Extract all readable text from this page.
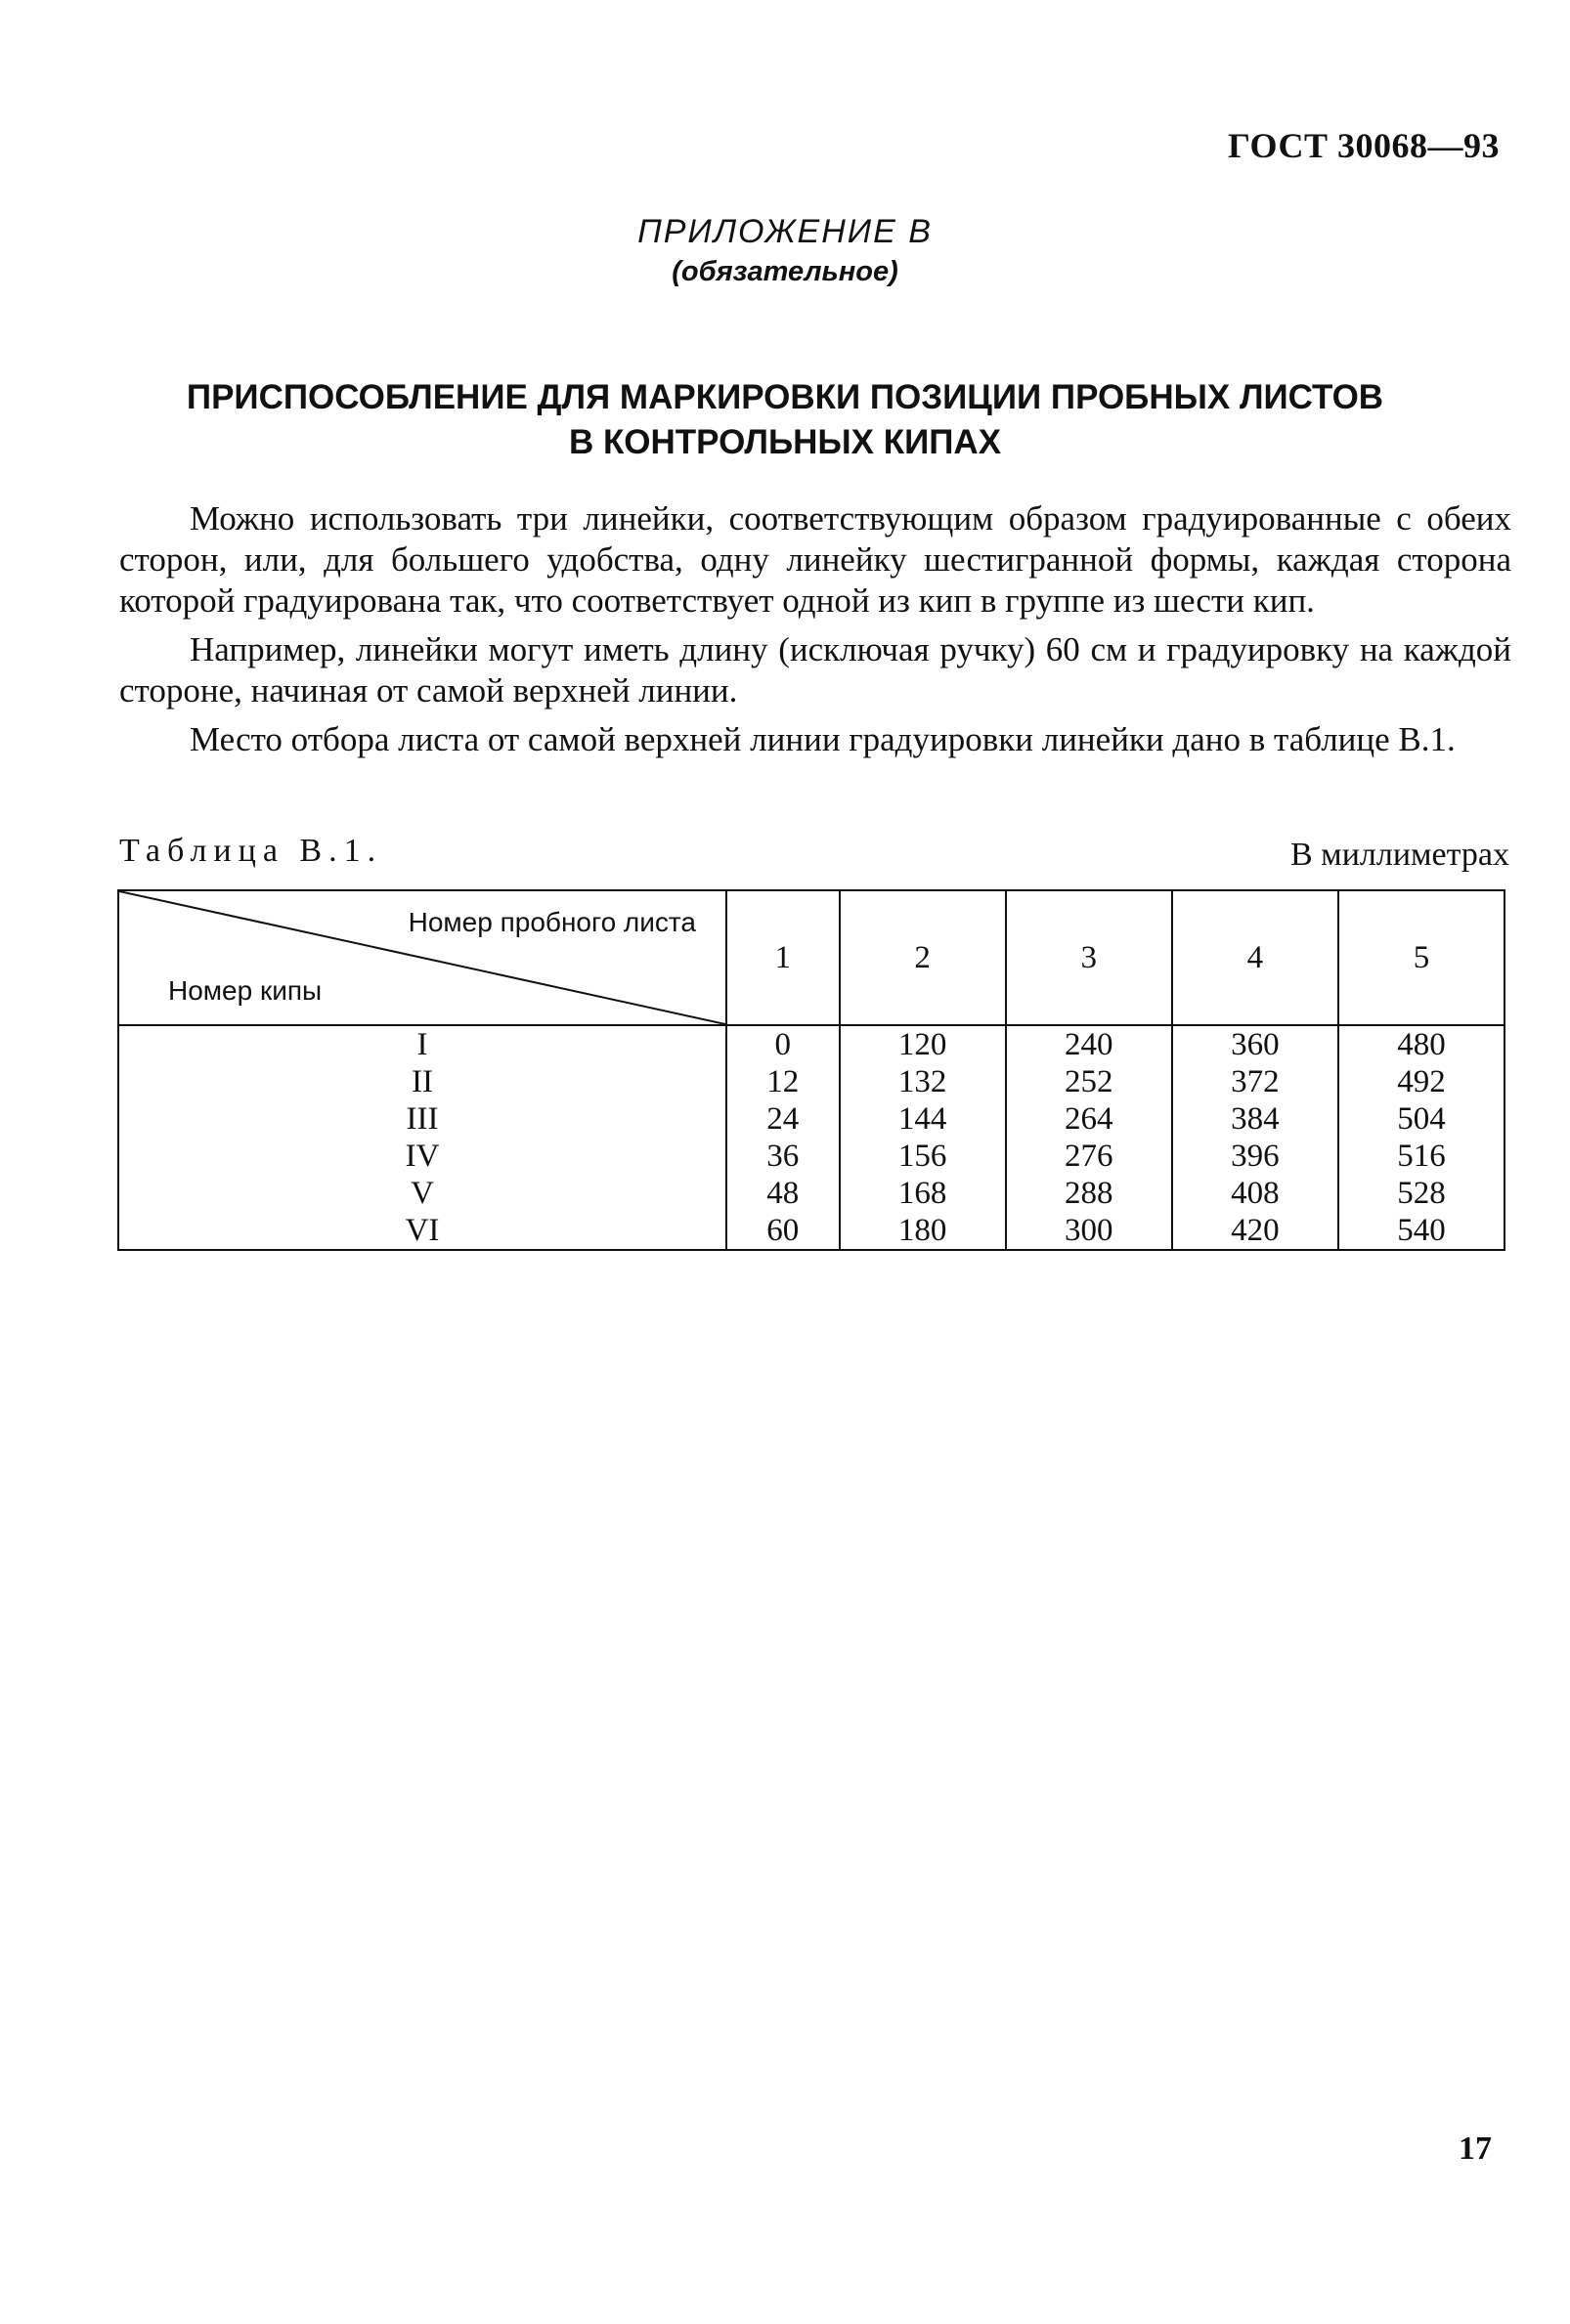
ГОСТ 30068—93
ПРИЛОЖЕНИЕ В
(обязательное)
ПРИСПОСОБЛЕНИЕ ДЛЯ МАРКИРОВКИ ПОЗИЦИИ ПРОБНЫХ ЛИСТОВ
В КОНТРОЛЬНЫХ КИПАХ

Можно использовать три линейки, соответствующим образом градуированные с обеих сторон, или, для большего удобства, одну линейку шестигранной формы, каждая сторона которой градуирована так, что соответствует одной из кип в группе из шести кип.

Например, линейки могут иметь длину (исключая ручку) 60 см и градуировку на каждой стороне, начиная от самой верхней линии.

Место отбора листа от самой верхней линии градуировки линейки дано в таблице В.1.

Таблица В.1.	В миллиметрах
Номер пробного листа
Номер кипы	1	2	3	4	5
I	0	120	240	360	480
II	12	132	252	372	492
III	24	144	264	384	504
IV	36	156	276	396	516
V	48	168	288	408	528
VI	60	180	300	420	540
17
